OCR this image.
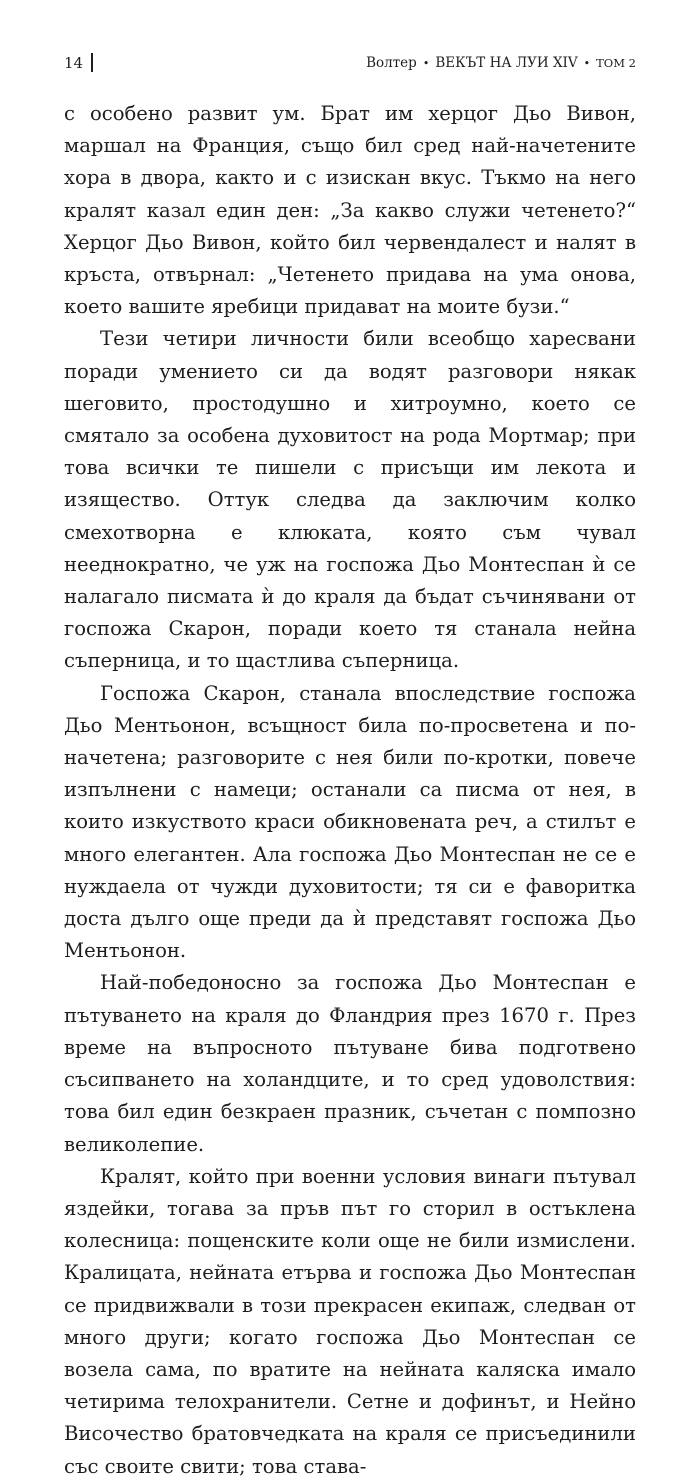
14	Волтер • ВЕКЪТ НА ЛУИ XIV • ТОМ 2

с особено развит ум. Брат им херцог Дьо Вивон, маршал на Франция, също бил сред най-начетените хора в двора, както и с изискан вкус. Тъкмо на него кралят казал един ден: „За какво служи четенето?“ Херцог Дьо Вивон, който бил червендалест и налят в кръста, отвърнал: „Четенето придава на ума онова, което вашите яребици придават на моите бузи.“

Тези четири личности били всеобщо харесвани поради умението си да водят разговори някак шеговито, простодушно и хитроумно, което се смятало за особена духовитост на рода Мортмар; при това всички те пишели с присъщи им лекота и изящество. Оттук следва да заключим колко смехотворна е клюката, която съм чувал нееднократно, че уж на госпожа Дьо Монтеспан ѝ се налагало писмата ѝ до краля да бъдат съчинявани от госпожа Скарон, поради което тя станала нейна съперница, и то щастлива съперница.

Госпожа Скарон, станала впоследствие госпожа Дьо Ментьонон, всъщност била по-просветена и по-начетена; разговорите с нея били по-кротки, повече изпълнени с намеци; останали са писма от нея, в които изкуството краси обикновената реч, а стилът е много елегантен. Ала госпожа Дьо Монтеспан не се е нуждаела от чужди духовитости; тя си е фаворитка доста дълго още преди да ѝ представят госпожа Дьо Ментьонон.

Най-победоносно за госпожа Дьо Монтеспан е пътуването на краля до Фландрия през 1670 г. През време на въпросното пътуване бива подготвено съсипването на холандците, и то сред удоволствия: това бил един безкраен празник, съчетан с помпозно великолепие.

Кралят, който при военни условия винаги пътувал яздейки, тогава за пръв път го сторил в остъклена колесница: пощенските коли още не били измислени. Кралицата, нейната етърва и госпожа Дьо Монтеспан се придвижвали в този прекрасен екипаж, следван от много други; когато госпожа Дьо Монтеспан се возела сама, по вратите на нейната каляска имало четирима телохранители. Сетне и дофинът, и Нейно Височество братовчедката на краля се присъединили със своите свити; това става-
